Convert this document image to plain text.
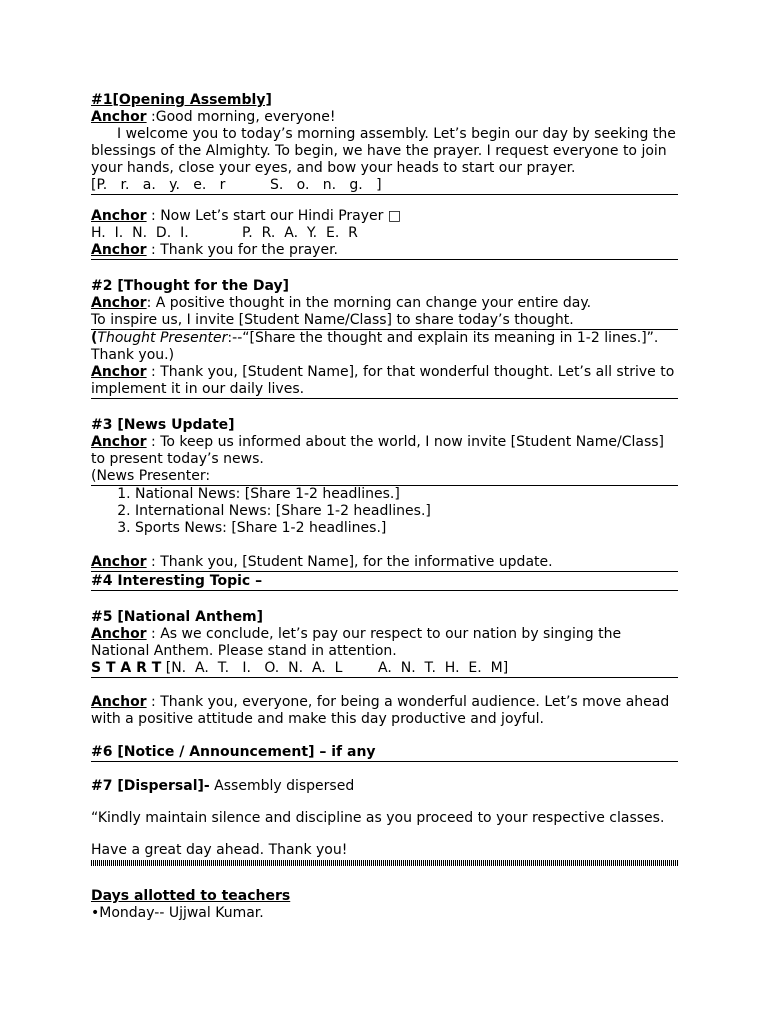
#1[Opening Assembly]
Anchor :Good morning, everyone!
I welcome you to today’s morning assembly. Let’s begin our day by seeking the blessings of the Almighty. To begin, we have the prayer. I request everyone to join your hands, close your eyes, and bow your heads to start our prayer.
[P.   r.   a.   y.   e.   r          S.   o.   n.   g.   ]
Anchor : Now Let’s start our Hindi Prayer □
H.  I.  N.  D.  I.            P.  R.  A.  Y.  E.  R
Anchor : Thank you for the prayer.
#2 [Thought for the Day]
Anchor: A positive thought in the morning can change your entire day.
To inspire us, I invite [Student Name/Class] to share today’s thought.
(Thought Presenter:--“[Share the thought and explain its meaning in 1-2 lines.]”. Thank you.)
Anchor : Thank you, [Student Name], for that wonderful thought. Let’s all strive to implement it in our daily lives.
#3 [News Update]
Anchor : To keep us informed about the world, I now invite [Student Name/Class] to present today’s news.
(News Presenter:
1. National News: [Share 1-2 headlines.]
2. International News: [Share 1-2 headlines.]
3. Sports News: [Share 1-2 headlines.]
Anchor : Thank you, [Student Name], for the informative update.
#4 Interesting Topic –
#5 [National Anthem]
Anchor : As we conclude, let’s pay our respect to our nation by singing the National Anthem. Please stand in attention.
S T A R T [N.  A.  T.   I.   O.  N.  A.  L        A.  N.  T.  H.  E.  M]
Anchor : Thank you, everyone, for being a wonderful audience. Let’s move ahead with a positive attitude and make this day productive and joyful.
#6 [Notice / Announcement] – if any
#7 [Dispersal]- Assembly dispersed
“Kindly maintain silence and discipline as you proceed to your respective classes.
Have a great day ahead. Thank you!
Days allotted to teachers
•Monday-- Ujjwal Kumar.
